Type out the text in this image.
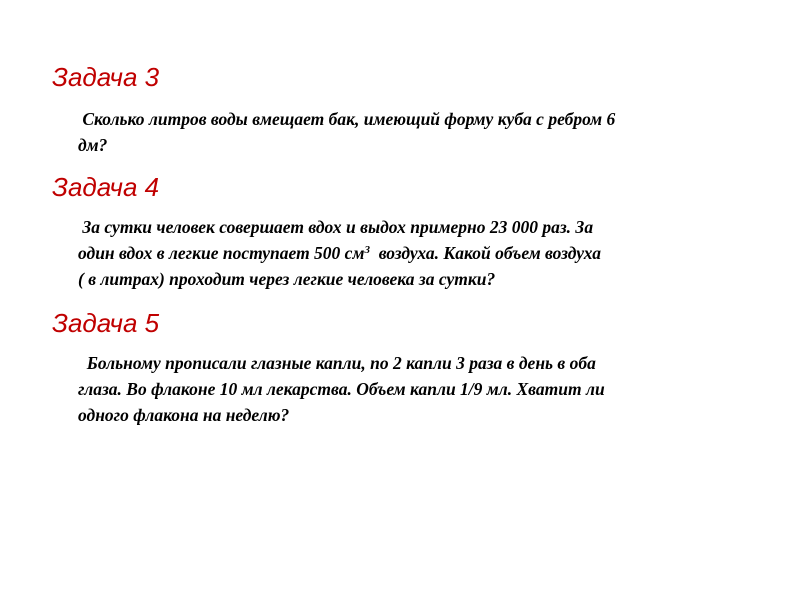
Задача 3
Сколько литров воды вмещает бак, имеющий форму куба с ребром 6
дм?
Задача 4
За сутки человек совершает вдох и выдох примерно 23 000 раз. За
один вдох в легкие поступает 500 $см^3$  воздуха. Какой объем воздуха
( в литрах) проходит через легкие человека за сутки?
Задача 5
Больному прописали глазные капли, по 2 капли 3 раза в день в оба
глаза. Во флаконе 10 мл лекарства. Объем капли 1/9 мл. Хватит ли
одного флакона на неделю?
